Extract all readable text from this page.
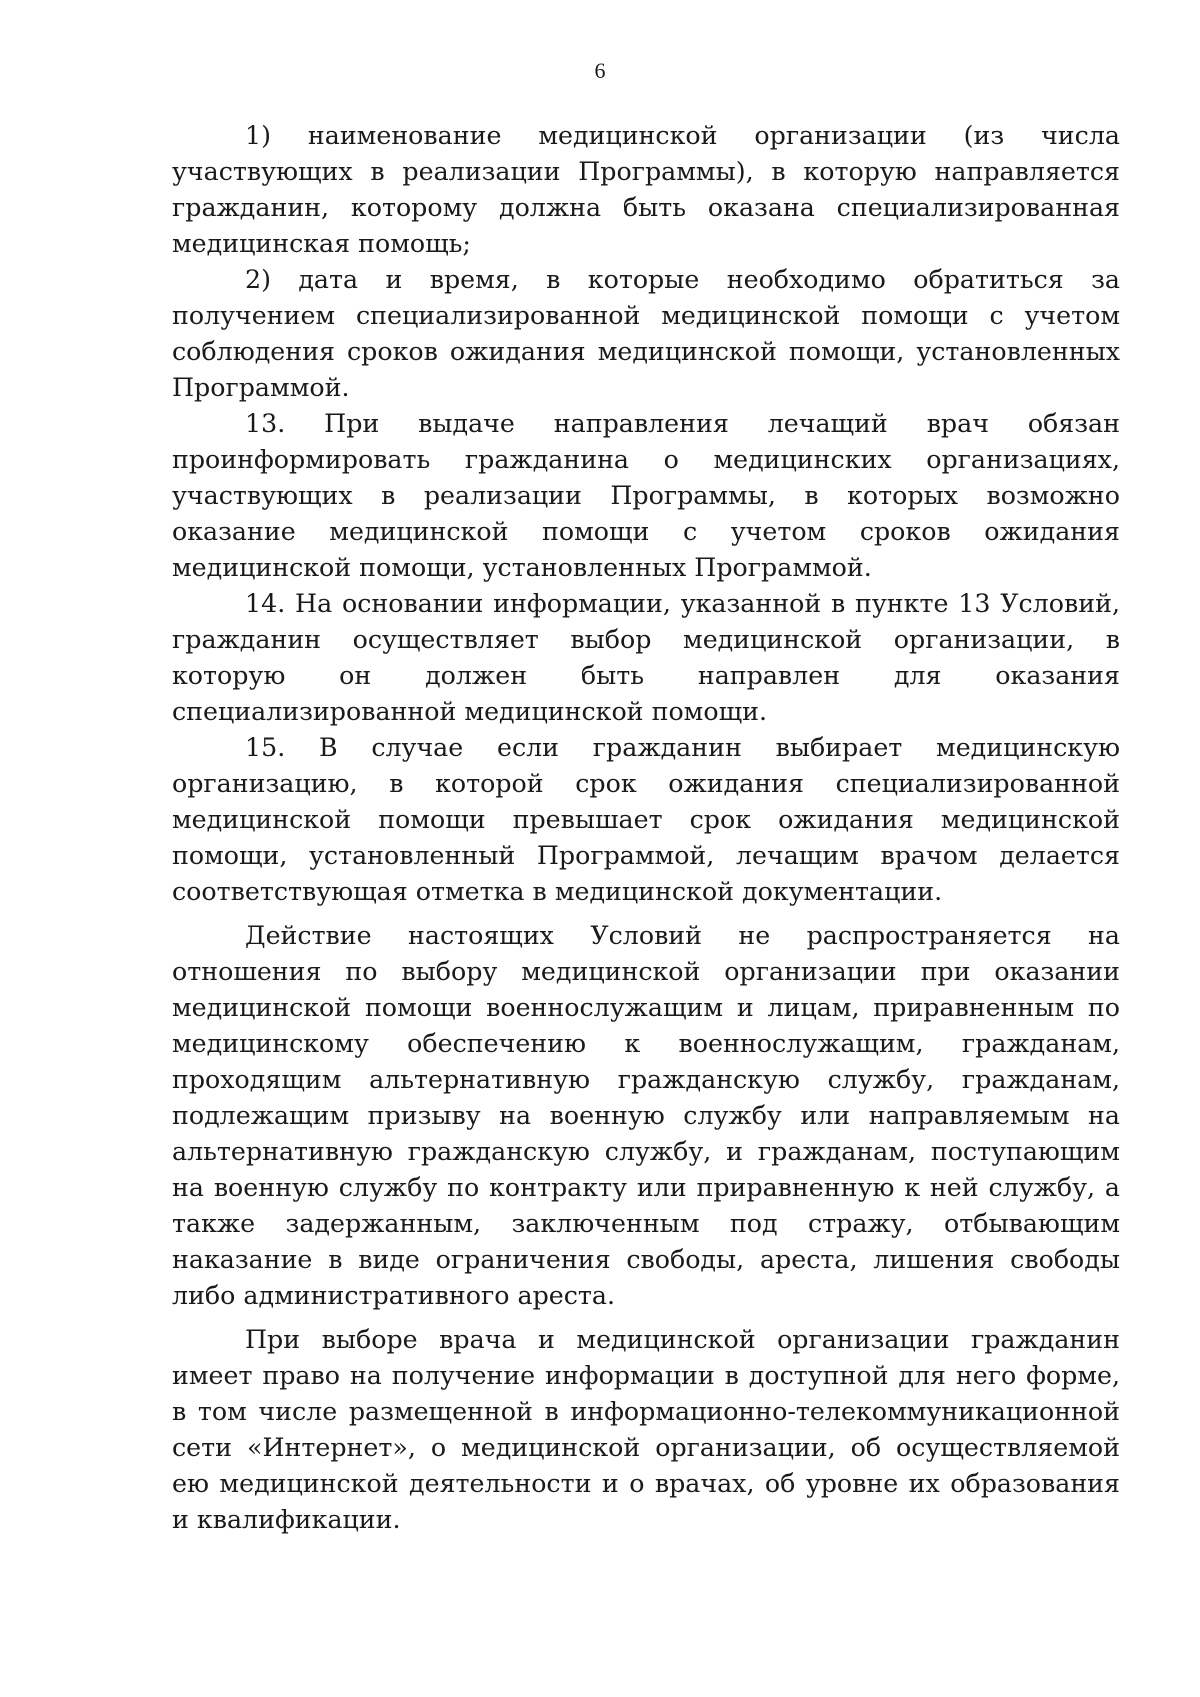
6

1) наименование медицинской организации (из числа участвующих в реализации Программы), в которую направляется гражданин, которому должна быть оказана специализированная медицинская помощь;

2) дата и время, в которые необходимо обратиться за получением специализированной медицинской помощи с учетом соблюдения сроков ожидания медицинской помощи, установленных Программой.

13. При выдаче направления лечащий врач обязан проинформировать гражданина о медицинских организациях, участвующих в реализации Программы, в которых возможно оказание медицинской помощи с учетом сроков ожидания медицинской помощи, установленных Программой.

14. На основании информации, указанной в пункте 13 Условий, гражданин осуществляет выбор медицинской организации, в которую он должен быть направлен для оказания специализированной медицинской помощи.

15. В случае если гражданин выбирает медицинскую организацию, в которой срок ожидания специализированной медицинской помощи превышает срок ожидания медицинской помощи, установленный Программой, лечащим врачом делается соответствующая отметка в медицинской документации.

Действие настоящих Условий не распространяется на отношения по выбору медицинской организации при оказании медицинской помощи военнослужащим и лицам, приравненным по медицинскому обеспечению к военнослужащим, гражданам, проходящим альтернативную гражданскую службу, гражданам, подлежащим призыву на военную службу или направляемым на альтернативную гражданскую службу, и гражданам, поступающим на военную службу по контракту или приравненную к ней службу, а также задержанным, заключенным под стражу, отбывающим наказание в виде ограничения свободы, ареста, лишения свободы либо административного ареста.

При выборе врача и медицинской организации гражданин имеет право на получение информации в доступной для него форме, в том числе размещенной в информационно-телекоммуникационной сети «Интернет», о медицинской организации, об осуществляемой ею медицинской деятельности и о врачах, об уровне их образования и квалификации.
